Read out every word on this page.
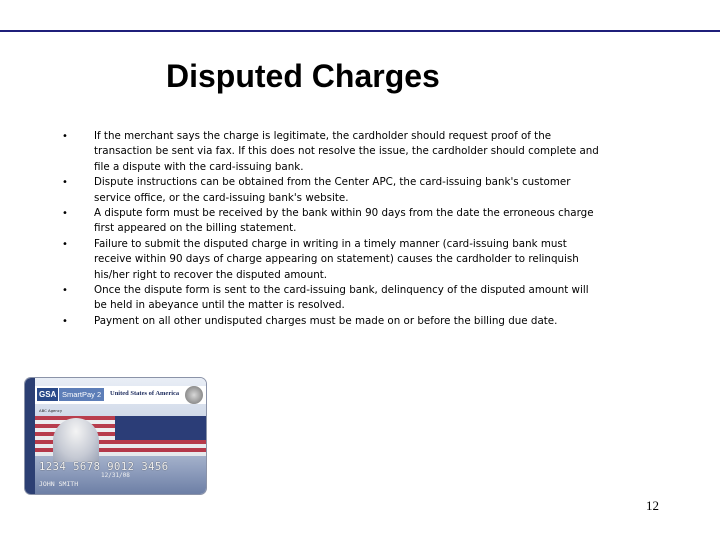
Disputed Charges
•	If the merchant says the charge is legitimate, the cardholder should request proof of the transaction be sent via fax. If this does not resolve the issue, the cardholder should complete and file a dispute with the card-issuing bank.
•	Dispute instructions can be obtained from the Center APC, the card-issuing bank's customer service office, or the card-issuing bank's website.
•	A dispute form must be received by the bank within 90 days from the date the erroneous charge first appeared on the billing statement.
•	Failure to submit the disputed charge in writing in a timely manner (card-issuing bank must receive within 90 days of charge appearing on statement) causes the cardholder to relinquish his/her right to recover the disputed amount.
•	Once the dispute form is sent to the card-issuing bank, delinquency of the disputed amount will be held in abeyance until the matter is resolved.
•	Payment on all other undisputed charges must be made on or before the billing due date.
GSA SmartPay 2	United States of America
ABC Agency
1234 5678 9012 3456
12/31/08
JOHN SMITH
12
